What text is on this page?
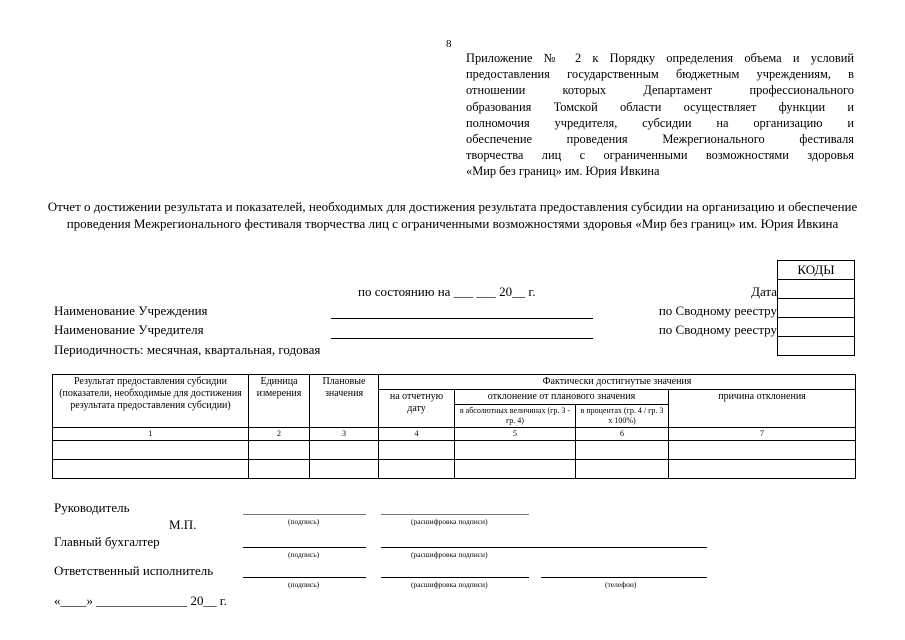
8
Приложение № 2 к Порядку определения объема и условий
предоставления государственным бюджетным учреждениям, в
отношении которых Департамент профессионального
образования Томской области осуществляет функции и
полномочия учредителя, субсидии на организацию и
обеспечение проведения Межрегионального фестиваля
творчества лиц с ограниченными возможностями здоровья
«Мир без границ» им. Юрия Ивкина
Отчет о достижении результата и показателей, необходимых для достижения результата предоставления субсидии на организацию и обеспечение проведения Межрегионального фестиваля творчества лиц с ограниченными возможностями здоровья «Мир без границ» им. Юрия Ивкина
КОДЫ

по состоянию на ___ ___ 20__ г.	Дата
Наименование Учреждения	по Сводному реестру
Наименование Учредителя	по Сводному реестру
Периодичность: месячная, квартальная, годовая
Результат предоставления субсидии (показатели, необходимые для достижения результата предоставления субсидии)	Единица измерения	Плановые значения	Фактически достигнутые значения			
			на отчетную дату	отклонение от планового значения		причина отклонения
				в абсолютных величинах (гр. 3 - гр. 4)	в процентах (гр. 4 / гр. 3 х 100%)	
1	2	3	4	5	6	7

Руководитель
(подпись)	(расшифровка подписи)
М.П.
Главный бухгалтер
(подпись)	(расшифровка подписи)
Ответственный исполнитель
(подпись)	(расшифровка подписи)	(телефон)
«____» ______________ 20__ г.
